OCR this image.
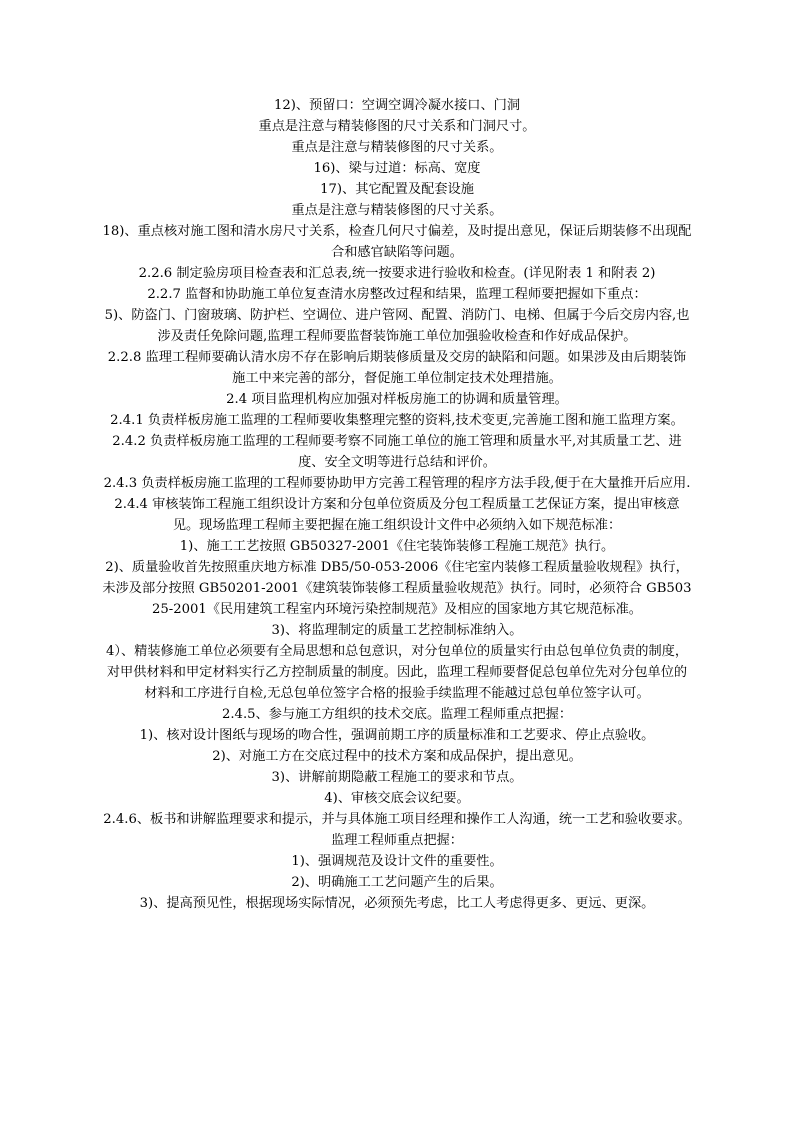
12)、预留口：空调空调冷凝水接口、门洞

重点是注意与精装修图的尺寸关系和门洞尺寸。

重点是注意与精装修图的尺寸关系。

16)、梁与过道：标高、宽度

17)、其它配置及配套设施

重点是注意与精装修图的尺寸关系。

18)、重点核对施工图和清水房尺寸关系，检查几何尺寸偏差，及时提出意见，保证后期装修不出现配合和感官缺陷等问题。

2.2.6 制定验房项目检查表和汇总表,统一按要求进行验收和检查。(详见附表 1 和附表 2)

2.2.7 监督和协助施工单位复查清水房整改过程和结果，监理工程师要把握如下重点：

5)、防盗门、门窗玻璃、防护栏、空调位、进户管网、配置、消防门、电梯、但属于今后交房内容,也涉及责任免除问题,监理工程师要监督装饰施工单位加强验收检查和作好成品保护。

2.2.8 监理工程师要确认清水房不存在影响后期装修质量及交房的缺陷和问题。如果涉及由后期装饰施工中来完善的部分，督促施工单位制定技术处理措施。

2.4 项目监理机构应加强对样板房施工的协调和质量管理。

2.4.1 负责样板房施工监理的工程师要收集整理完整的资料,技术变更,完善施工图和施工监理方案。

2.4.2 负责样板房施工监理的工程师要考察不同施工单位的施工管理和质量水平,对其质量工艺、进度、安全文明等进行总结和评价。

2.4.3 负责样板房施工监理的工程师要协助甲方完善工程管理的程序方法手段,便于在大量推开后应用.

2.4.4 审核装饰工程施工组织设计方案和分包单位资质及分包工程质量工艺保证方案，提出审核意见。现场监理工程师主要把握在施工组织设计文件中必须纳入如下规范标准：

1)、施工工艺按照 GB50327-2001《住宅装饰装修工程施工规范》执行。

2)、质量验收首先按照重庆地方标准 DB5/50-053-2006《住宅室内装修工程质量验收规程》执行，未涉及部分按照 GB50201-2001《建筑装饰装修工程质量验收规范》执行。同时，必须符合 GB50325-2001《民用建筑工程室内环境污染控制规范》及相应的国家地方其它规范标准。

3)、将监理制定的质量工艺控制标准纳入。

4）、精装修施工单位必须要有全局思想和总包意识，对分包单位的质量实行由总包单位负责的制度，对甲供材料和甲定材料实行乙方控制质量的制度。因此，监理工程师要督促总包单位先对分包单位的材料和工序进行自检,无总包单位签字合格的报验手续监理不能越过总包单位签字认可。

2.4.5、参与施工方组织的技术交底。监理工程师重点把握：

1)、核对设计图纸与现场的吻合性，强调前期工序的质量标准和工艺要求、停止点验收。

2)、对施工方在交底过程中的技术方案和成品保护，提出意见。

3)、讲解前期隐蔽工程施工的要求和节点。

4)、审核交底会议纪要。

2.4.6、板书和讲解监理要求和提示，并与具体施工项目经理和操作工人沟通，统一工艺和验收要求。监理工程师重点把握：

1)、强调规范及设计文件的重要性。

2)、明确施工工艺问题产生的后果。

3)、提高预见性，根据现场实际情况，必须预先考虑，比工人考虑得更多、更远、更深。
